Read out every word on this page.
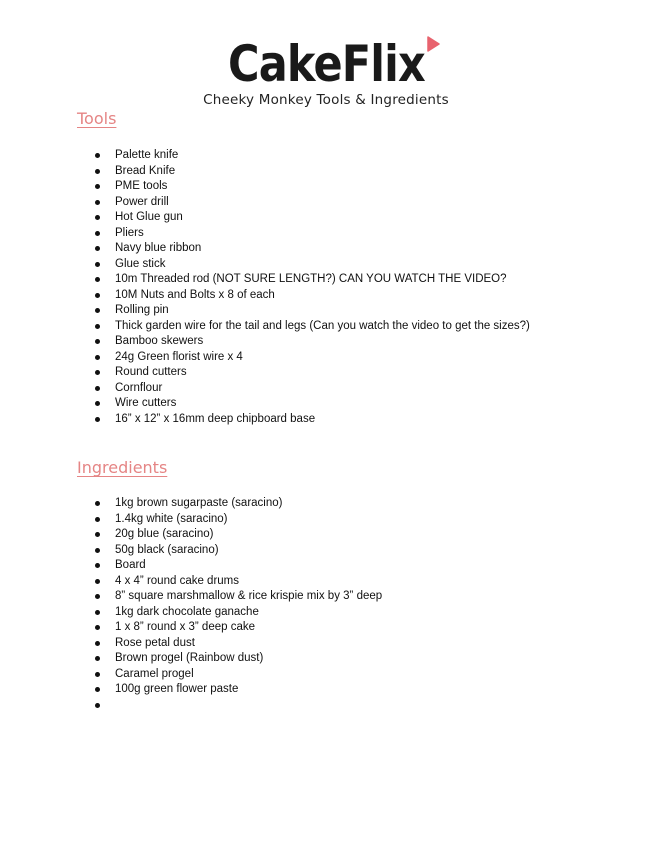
CakeFlix
Cheeky Monkey Tools & Ingredients
Tools
Palette knife
Bread Knife
PME tools
Power drill
Hot Glue gun
Pliers
Navy blue ribbon
Glue stick
10m Threaded rod (NOT SURE LENGTH?) CAN YOU WATCH THE VIDEO?
10M Nuts and Bolts x 8 of each
Rolling pin
Thick garden wire for the tail and legs (Can you watch the video to get the sizes?)
Bamboo skewers
24g Green florist wire x 4
Round cutters
Cornflour
Wire cutters
16” x 12” x 16mm deep chipboard base
Ingredients
1kg brown sugarpaste (saracino)
1.4kg white (saracino)
20g blue (saracino)
50g black (saracino)
Board
4 x 4” round cake drums
8” square marshmallow & rice krispie mix by 3” deep
1kg dark chocolate ganache
1 x 8” round x 3” deep cake
Rose petal dust
Brown progel (Rainbow dust)
Caramel progel
100g green flower paste
